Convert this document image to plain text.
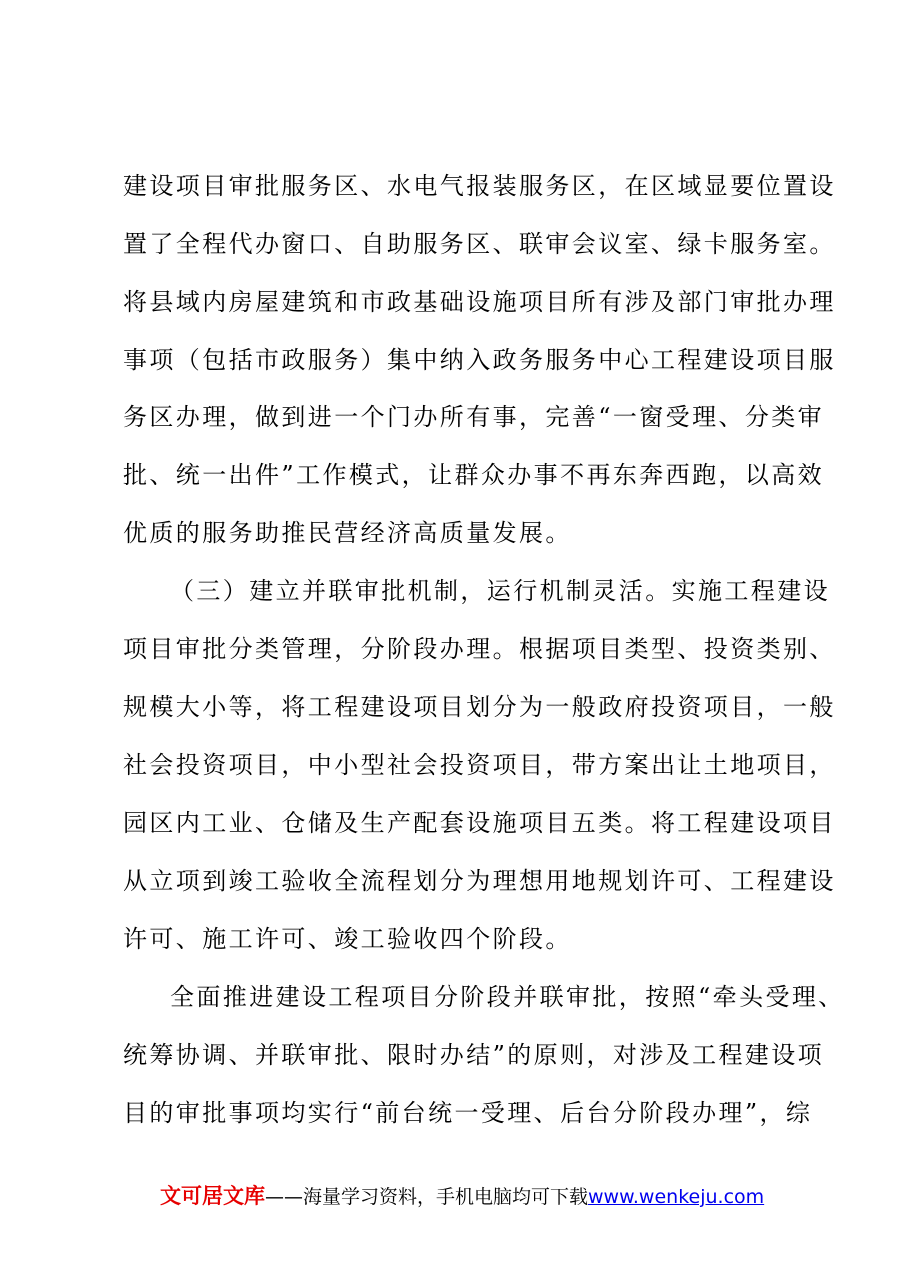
建设项目审批服务区、水电气报装服务区，在区域显要位置设
置了全程代办窗口、自助服务区、联审会议室、绿卡服务室。
将县域内房屋建筑和市政基础设施项目所有涉及部门审批办理
事项（包括市政服务）集中纳入政务服务中心工程建设项目服
务区办理，做到进一个门办所有事，完善“一窗受理、分类审
批、统一出件”工作模式，让群众办事不再东奔西跑，以高效
优质的服务助推民营经济高质量发展。
（三）建立并联审批机制，运行机制灵活。实施工程建设
项目审批分类管理，分阶段办理。根据项目类型、投资类别、
规模大小等，将工程建设项目划分为一般政府投资项目，一般
社会投资项目，中小型社会投资项目，带方案出让土地项目，
园区内工业、仓储及生产配套设施项目五类。将工程建设项目
从立项到竣工验收全流程划分为理想用地规划许可、工程建设
许可、施工许可、竣工验收四个阶段。
全面推进建设工程项目分阶段并联审批，按照“牵头受理、
统筹协调、并联审批、限时办结”的原则，对涉及工程建设项
目的审批事项均实行“前台统一受理、后台分阶段办理”，综
文可居文库——海量学习资料，手机电脑均可下载www.wenkeju.com
